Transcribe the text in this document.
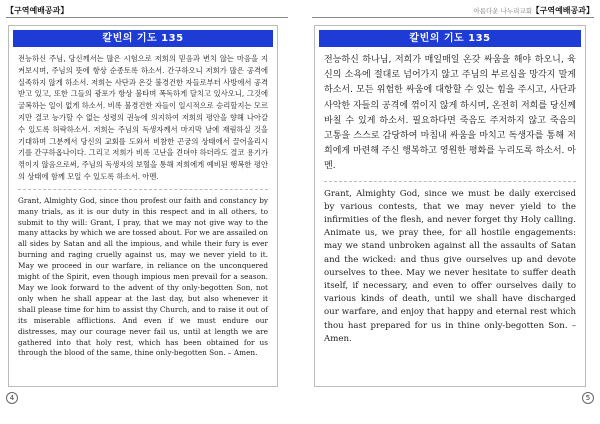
【구역예배공과】
칼빈의 기도 135
전능하신 주님, 당신께서는 많은 시험으로 저희의 믿음과 변치 않는 마음을 지켜보시며, 주님의 뜻에 항상 순종토록 하소서. 간구하오니 저희가 많은 공격에 실족하지 않게 하소서. 저희는 사단과 온갖 불경건한 자들로부터 사방에서 공격받고 있고, 또한 그들의 광포가 항상 불타며 폭독하게 달치고 있사오니, 그것에 굴복하는 일이 없게 하소서. 비록 불경건한 자들이 일시적으로 승리할지는 모르지만 결코 능가할 수 없는 성령의 권능에 의지하여 저희의 평안을 향해 나아갈 수 있도록 허락하소서. 저희는 주님의 독생자께서 마지막 날에 재림하실 것을 기대하며 그분께서 당신의 교회를 도와서 비참한 곤궁의 상태에서 끌어올리시기를 간구하옵나이다. 그리고 저희가 비록 고난을 견뎌야 하더라도 결코 용기가 꺾이지 않음으로써, 주님의 독생자의 보혈을 통해 저희에게 예비된 행복한 평안의 상태에 함께 모일 수 있도록 하소서. 아멘.
Grant, Almighty God, since thou profest our faith and constancy by many trials, as it is our duty in this respect and in all others, to submit to thy will: Grant, I pray, that we may not give way to the many attacks by which we are tossed about. For we are assailed on all sides by Satan and all the impious, and while their fury is ever burning and raging cruelly against us, may we never yield to it. May we proceed in our warfare, in reliance on the unconquered might of the Spirit, even though impious men prevail for a season. May we look forward to the advent of thy only-begotten Son, not only when he shall appear at the last day, but also whenever it shall please time for him to assist thy Church, and to raise it out of its miserable afflictions. And even if we must endure our distresses, may our courage never fail us, until at length we are gathered into that holy rest, which has been obtained for us through the blood of the same, thine only-begotten Son. – Amen.
4
아름다운 나누리교회 【구역예배공과】
칼빈의 기도 135
전능하신 하나님, 저희가 매일매일 온갖 싸움을 해야 하오니, 육신의 소욕에 절대로 넘어가지 않고 주님의 부르심을 망각지 말게 하소서. 모든 위험한 싸움에 대항할 수 있는 힘을 주시고, 사단과 사악한 자들의 공격에 꺾이지 않게 하시며, 온전히 저희를 당신께 바칠 수 있게 하소서. 필요하다면 죽음도 주저하지 않고 죽음의 고통을 스스로 감당하여 마침내 싸움을 마치고 독생자를 통해 저희에게 마련해 주신 행복하고 영원한 평화를 누리도록 하소서. 아멘.
Grant, Almighty God, since we must be daily exercised by various contests, that we may never yield to the infirmities of the flesh, and never forget thy Holy calling. Animate us, we pray thee, for all hostile engagements: may we stand unbroken against all the assaults of Satan and the wicked: and thus give ourselves up and devote ourselves to thee. May we never hesitate to suffer death itself, if necessary, and even to offer ourselves daily to various kinds of death, until we shall have discharged our warfare, and enjoy that happy and eternal rest which thou hast prepared for us in thine only-begotten Son. – Amen.
5
